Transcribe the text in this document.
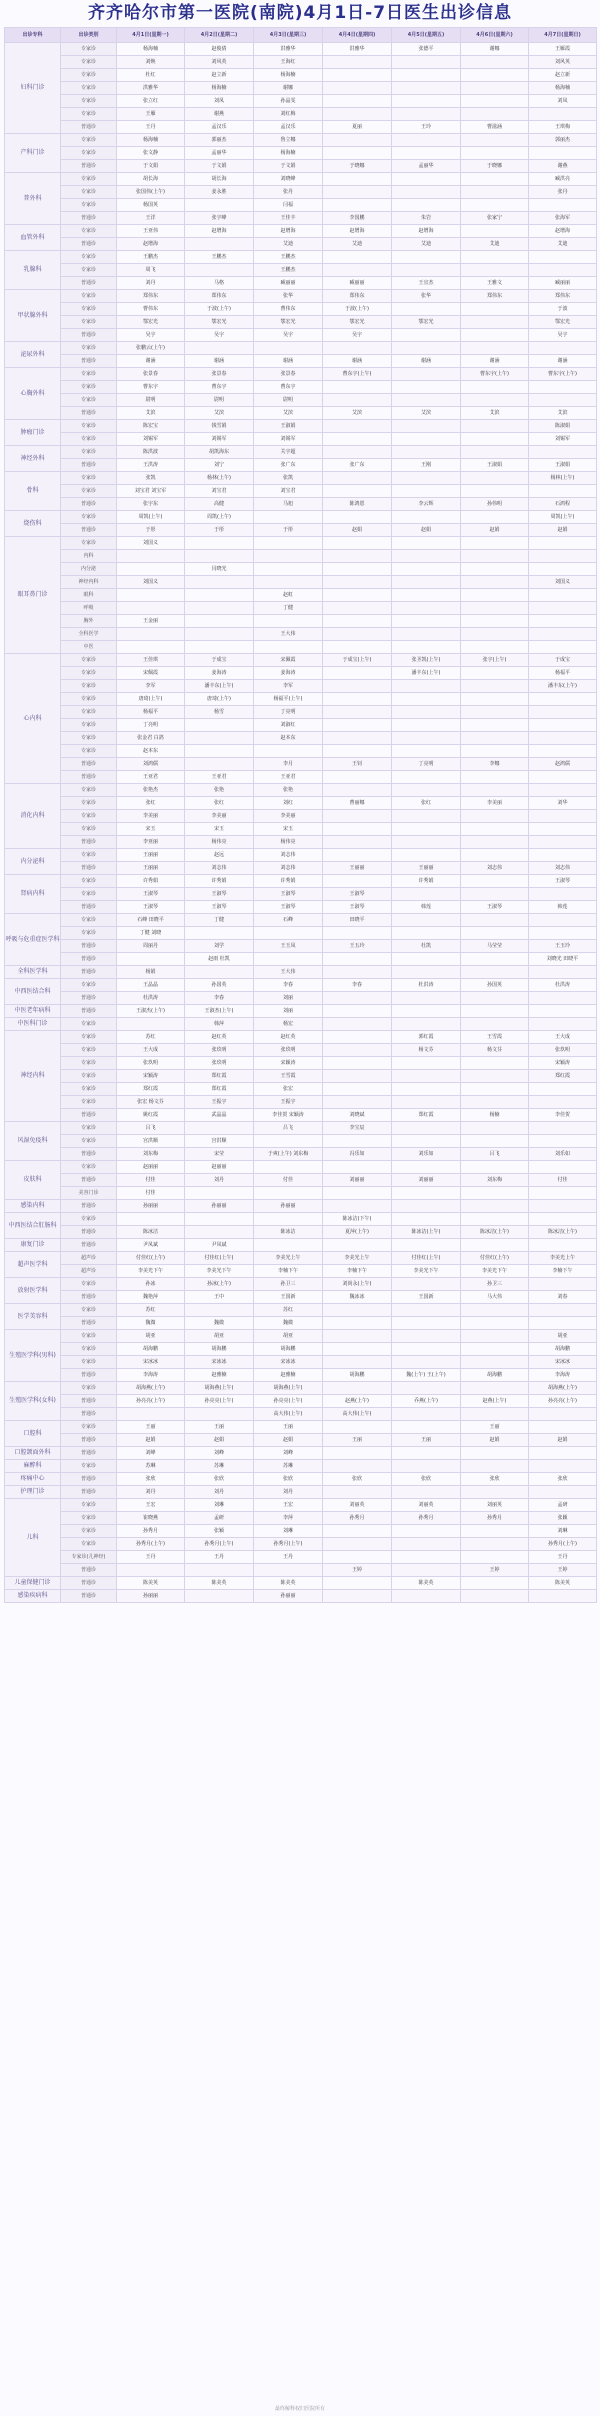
齐齐哈尔市第一医院(南院)4月1日-7日医生出诊信息
出诊专科	出诊类别	4月1日(星期一)	4月2日(星期二)	4月3日(星期三)	4月4日(星期四)	4月5日(星期五)	4月6日(星期六)	4月7日(星期日)
妇科门诊	专家诊	杨海楠	赵俊倩	洪雅华	洪雅华	张德平	谢娜	王雁霞
	专家诊	刘焕	刘风英	王海红				刘风英
	专家诊	杜红	赵立新	杨海楠				赵立新
	专家诊	洪雅华	杨海楠	谢娜				杨海楠
	专家诊	张立红	刘凤	孙晶雯				刘凤
	专家诊	王雁	谢燕	刘红梅				
	普通诊	王丹	孟汉乐	孟汉乐	夏丽	王玲	曹滋涵	王琪梅
产科门诊	专家诊	杨海楠	郭丽杰	鲁立娜				郭丽杰
	专家诊	张文静	孟丽华	杨海楠				
	普通诊	于文娟	于文娟	于文娟	于晓娜	孟丽华	于晓娜	谢燕
普外科	专家诊	胡长海	胡长海	刘晓峰				臧洪亮
	专家诊	张国伟(上午)	姜永胜	张丹				张丹
	专家诊	杨国英		闫福				
	普通诊	王洋	张宇峰	王佳丰	李国鹏	朱岩	张家宁	张海军
血管外科	专家诊	王亚伟	赵增海	赵增海	赵增海	赵增海		赵增海
	普通诊	赵增海		艾迪	艾迪	艾迪	艾迪	艾迪
乳腺科	专家诊	王鹏杰	王鹏杰	王鹏杰				
	专家诊	周飞		王鹏杰				
	普通诊	刘丹	马格	臧丽丽	臧丽丽	王宜杰	王雅文	臧丽丽
甲状腺外科	专家诊	郑伟东	郑伟东	张华	郑伟东	张华	郑伟东	郑伟东
	专家诊	曹伟东	于波(上午)	曹伟东	于波(上午)			于波
	专家诊	鄂宏光	鄂宏光	鄂宏光	鄂宏光	鄂宏光		鄂宏光
	普通诊	吴宇	吴宇	吴宇	吴宇			吴宇
泌尿外科	专家诊	张鹏云(上午)						
	普通诊	谢涵	谢涵	谢涵	谢涵	谢涵	谢涵	谢涵
心胸外科	专家诊	张景春	张景春	张景春	曹东宇(上午)		曹东宇(上午)	曹东宇(上午)
	专家诊	曹东宇	曹东宇	曹东宇				
	专家诊	尉明	尉明	尉明				
	普通诊	艾滨	艾滨	艾滨	艾滨	艾滨	艾滨	艾滨
肿瘤门诊	专家诊	陈宏宝	钱雪娟	王淑娟				陈淑娟
	专家诊	刘锡军	刘锡军	刘锡军				刘锡军
神经外科	专家诊	陈洪波	胡凯海东	关宇超				
	普通诊	王洪涛	刘宁	张广东	张广东	王刚	王淑娟	王淑娟
骨科	专家诊	张凯	杨林(上午)	张凯				杨林(上午)
	专家诊	刘宝君 刘宝军	刘宝君	刘宝君				
	普通诊	张宇东	高健	马旭	陈鸿恩	李云辉	孙伟明	石鸿程
烧伤科	专家诊	周凯(上午)	周凯(上午)					周凯(上午)
	普通诊	于彤	于彤	于彤	赵娟	赵娟	赵娟	赵娟
眼耳鼻门诊	专家诊	刘国义						
	内科							
	内分泌		闫晓光					
	神经内科	刘国义						刘国义
	眼科			赵虹				
	呼吸			丁健				
	胸外	王金丽						
	全科医学			王大伟				
	中医							
心内科	专家诊	王佳琪	于成宝	宋佩霞	于成宝(上午)	张圣凯(上午)	张宇(上午)	于成宝
	专家诊	宋佩霞	姜海涛	姜海涛		潘丰东(上午)		杨福平
	专家诊	李军	潘丰东(上午)	李军				潘丰东(上午)
	专家诊	唐琦(上午)	唐琦(上午)	杨福平(上午)				
	专家诊	杨福平	杨雪	丁亮明				
	专家诊	丁亮明		刘淑红				
	专家诊	张金君 白鸽		赵本东				
	专家诊	赵本东						
	普通诊	刘鸿儒		李月	王钊	丁亮明	李娜	赵鸿儒
	普通诊	王亚君	王亚君	王亚君				
消化内科	专家诊	张艳杰	张艳	张艳				
	专家诊	张红	张红	刘红	曹丽娜	张红	李美丽	刘华
	专家诊	李美丽	李美丽	李美丽				
	专家诊	宋玉	宋玉	宋玉				
	普通诊	李亚丽	杨伟亮	杨伟亮				
内分泌科	专家诊	王丽丽	赵远	刘志伟				
	普通诊	王丽丽	刘志伟	刘志伟	王丽丽	王丽丽	刘志伟	刘志伟
肾病内科	专家诊	许秀娟	许秀娟	许秀娟		许秀娟		王淑琴
	专家诊	王淑琴	王淑琴	王淑琴	王淑琴			
	普通诊	王淑琴	王淑琴	王淑琴	王淑琴	韩莲	王淑琴	韩莲
呼吸与危重症医学科	专家诊	石峰 田晓平	丁健	石峰	田晓平			
	专家诊	丁健 刘晓						
	普通诊	周丽丹	刘学	王玉凤	王五玲	杜凯	马莹莹	王玉玲
	普通诊		赵雨 杜凯					刘晓光 田晓平
全科医学科	普通诊	杨娟		王大伟				
中西医结合科	专家诊	王晶晶	孙国英	李春	李春	杜洪涛	孙国英	杜洪涛
	普通诊	杜洪涛	李春	刘丽				
中医老年病科	普通诊	王淑杰(上午)	王淑杰(上午)	刘丽				
中医科门诊	专家诊		韩萍	杨宏				
神经内科	专家诊	苏红	赵红英	赵红英		郭红霞	王雪霞	王大成
	专家诊	王大成	张玖明	张玖明		杨文芬	杨文芬	张玖明
	专家诊	张玖明	张玖明	宋颖涛				宋颖涛
	专家诊	宋颖涛	郑红霞	王雪霞				郑红霞
	专家诊	郑红霞	郑红霞	张宏				
	专家诊	张宏 杨文芬	王振宇	王振宇				
	普通诊	姚红霞	武晶晶	李佳贺 宋颖涛	刘晓斌	郑红霞	杨楠	李佳贺
风湿免疫科	专家诊	吕飞		吕飞	李宝辰			
	专家诊	宫洪顺	宫洪顺					
	普通诊	刘东梅	宋莹	于爽(上午) 刘东梅	冯乐如	刘乐如	吕飞	刘乐如
皮肤科	专家诊	赵丽丽	赵丽丽					
	普通诊	付佳	刘丹	付佳	刘丽丽	刘丽丽	刘东梅	付佳
	美容门诊	付佳						
感染内科	普通诊	孙丽丽	孙丽丽	孙丽丽				
中西医结合肛肠科	专家诊				陈冰洁(下午)			
	普通诊	陈冰洁		陈冰洁	夏萍(上午)	陈冰洁(上午)	陈冰洁(上午)	陈冰洁(上午)
康复门诊	普通诊	尹凤斌	尹凤斌					
超声医学科	超声诊	付佳红(上午)	付佳红(上午)	李美光上午	李美光上午	付佳红(上午)	付佳红(上午)	李美光上午
	超声诊	李美光下午	李美光下午	李楠下午	李楠下午	李美光下午	李美光下午	李楠下午
放射医学科	专家诊	孙冰	孙冰(上午)	孙卫三	刘尚永(上午)		孙卫三	
	普通诊	魏艳萍	王中	王国新	魏冰冰	王国新	马大伟	刘春
医学美容科	专家诊	苏红		苏红				
	普通诊	魏微	魏微	魏微				
生殖医学科(男科)	专家诊	胡亚	胡亚	胡亚				胡亚
	专家诊	胡海鹏	胡海鹏	胡海鹏				胡海鹏
	专家诊	宋冰冰	宋冰冰	宋冰冰				宋冰冰
	普通诊	李海涛	赵雅楠	赵雅楠	胡海鹏	魏(上午) 王(上午)	胡海鹏	李海涛
生殖医学科(女科)	专家诊	胡海燕(上午)	胡海燕(上午)	胡海燕(上午)				胡海燕(上午)
	普通诊	孙亮亮(上午)	孙亮亮(上午)	孙亮亮(上午)	赵燕(上午)	乔燕(上午)	赵燕(上午)	孙亮亮(上午)
	普通诊			高大伟(上午)	高大伟(上午)			
口腔科	专家诊	王丽	王丽	王丽			王丽	
	普通诊	赵娟	赵娟	赵娟	王丽	王丽	赵娟	赵娟
口腔颌面外科	普通诊	刘峰	刘峰	刘峰				
麻醉科	专家诊	苏琳	苏琳	苏琳				
疼痛中心	普通诊	张欣	张欣	张欣	张欣	张欣	张欣	张欣
护理门诊	普通诊	刘丹	刘丹	刘丹				
儿科	专家诊	王宏	刘琳	王宏	刘丽英	刘丽英	刘丽英	孟研
	专家诊	崔晓燕	孟研	李萍	孙秀月	孙秀月	孙秀月	张颖
	专家诊	孙秀月	张颖	刘琳				刘琳
	专家诊	孙秀月(上午)	孙秀月(上午)	孙秀月(上午)				孙秀月(上午)
	专家诊(儿神经)	王丹	王丹	王丹				王丹
	普通诊				王婷		王婷	王婷
儿童保健门诊	普通诊	陈美英	陈美英	陈美英		陈美英		陈美英
感染疾病科	普通诊	孙丽丽		孙丽丽				
最终解释权归医院所有
